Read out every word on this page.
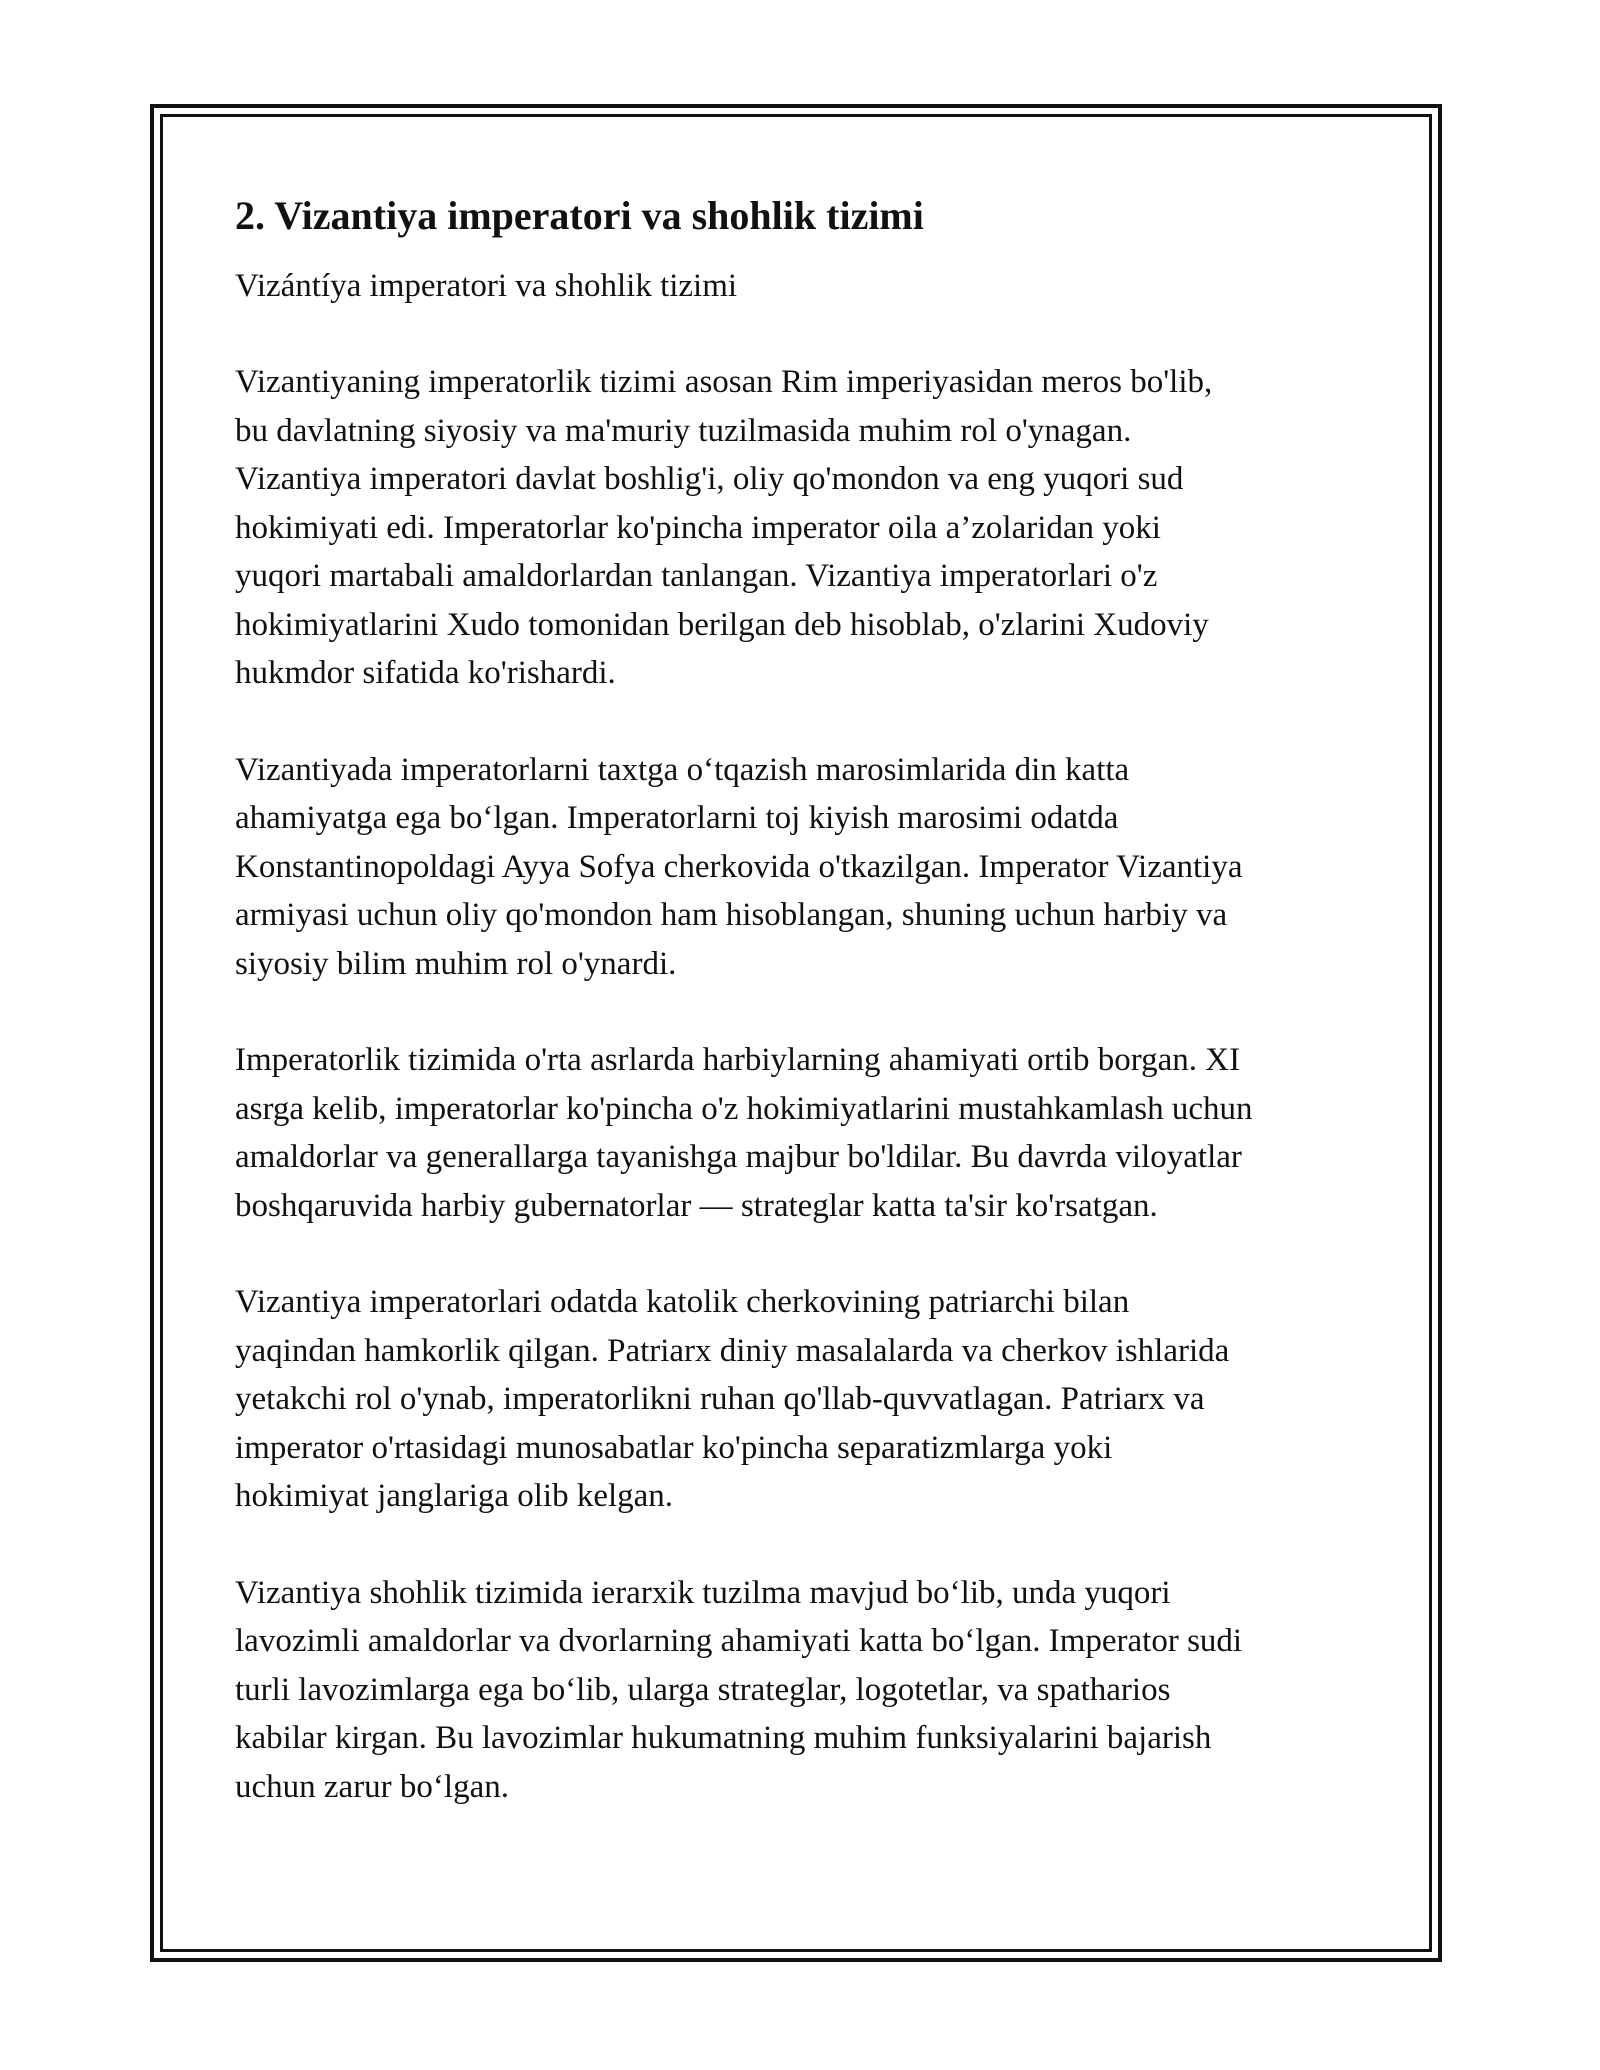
2. Vizantiya imperatori va shohlik tizimi
Vizántíya imperatori va shohlik tizimi

Vizantiyaning imperatorlik tizimi asosan Rim imperiyasidan meros bo'lib,
bu davlatning siyosiy va ma'muriy tuzilmasida muhim rol o'ynagan.
Vizantiya imperatori davlat boshlig'i, oliy qo'mondon va eng yuqori sud
hokimiyati edi. Imperatorlar ko'pincha imperator oila a’zolaridan yoki
yuqori martabali amaldorlardan tanlangan. Vizantiya imperatorlari o'z
hokimiyatlarini Xudo tomonidan berilgan deb hisoblab, o'zlarini Xudoviy
hukmdor sifatida ko'rishardi.

Vizantiyada imperatorlarni taxtga oʻtqazish marosimlarida din katta
ahamiyatga ega boʻlgan. Imperatorlarni toj kiyish marosimi odatda
Konstantinopoldagi Ayya Sofya cherkovida o'tkazilgan. Imperator Vizantiya
armiyasi uchun oliy qo'mondon ham hisoblangan, shuning uchun harbiy va
siyosiy bilim muhim rol o'ynardi.

Imperatorlik tizimida o'rta asrlarda harbiylarning ahamiyati ortib borgan. XI
asrga kelib, imperatorlar ko'pincha o'z hokimiyatlarini mustahkamlash uchun
amaldorlar va generallarga tayanishga majbur bo'ldilar. Bu davrda viloyatlar
boshqaruvida harbiy gubernatorlar — strateglar katta ta'sir ko'rsatgan.

Vizantiya imperatorlari odatda katolik cherkovining patriarchi bilan
yaqindan hamkorlik qilgan. Patriarx diniy masalalarda va cherkov ishlarida
yetakchi rol o'ynab, imperatorlikni ruhan qo'llab-quvvatlagan. Patriarx va
imperator o'rtasidagi munosabatlar ko'pincha separatizmlarga yoki
hokimiyat janglariga olib kelgan.

Vizantiya shohlik tizimida ierarxik tuzilma mavjud boʻlib, unda yuqori
lavozimli amaldorlar va dvorlarning ahamiyati katta boʻlgan. Imperator sudi
turli lavozimlarga ega boʻlib, ularga strateglar, logotetlar, va spatharios
kabilar kirgan. Bu lavozimlar hukumatning muhim funksiyalarini bajarish
uchun zarur boʻlgan.
